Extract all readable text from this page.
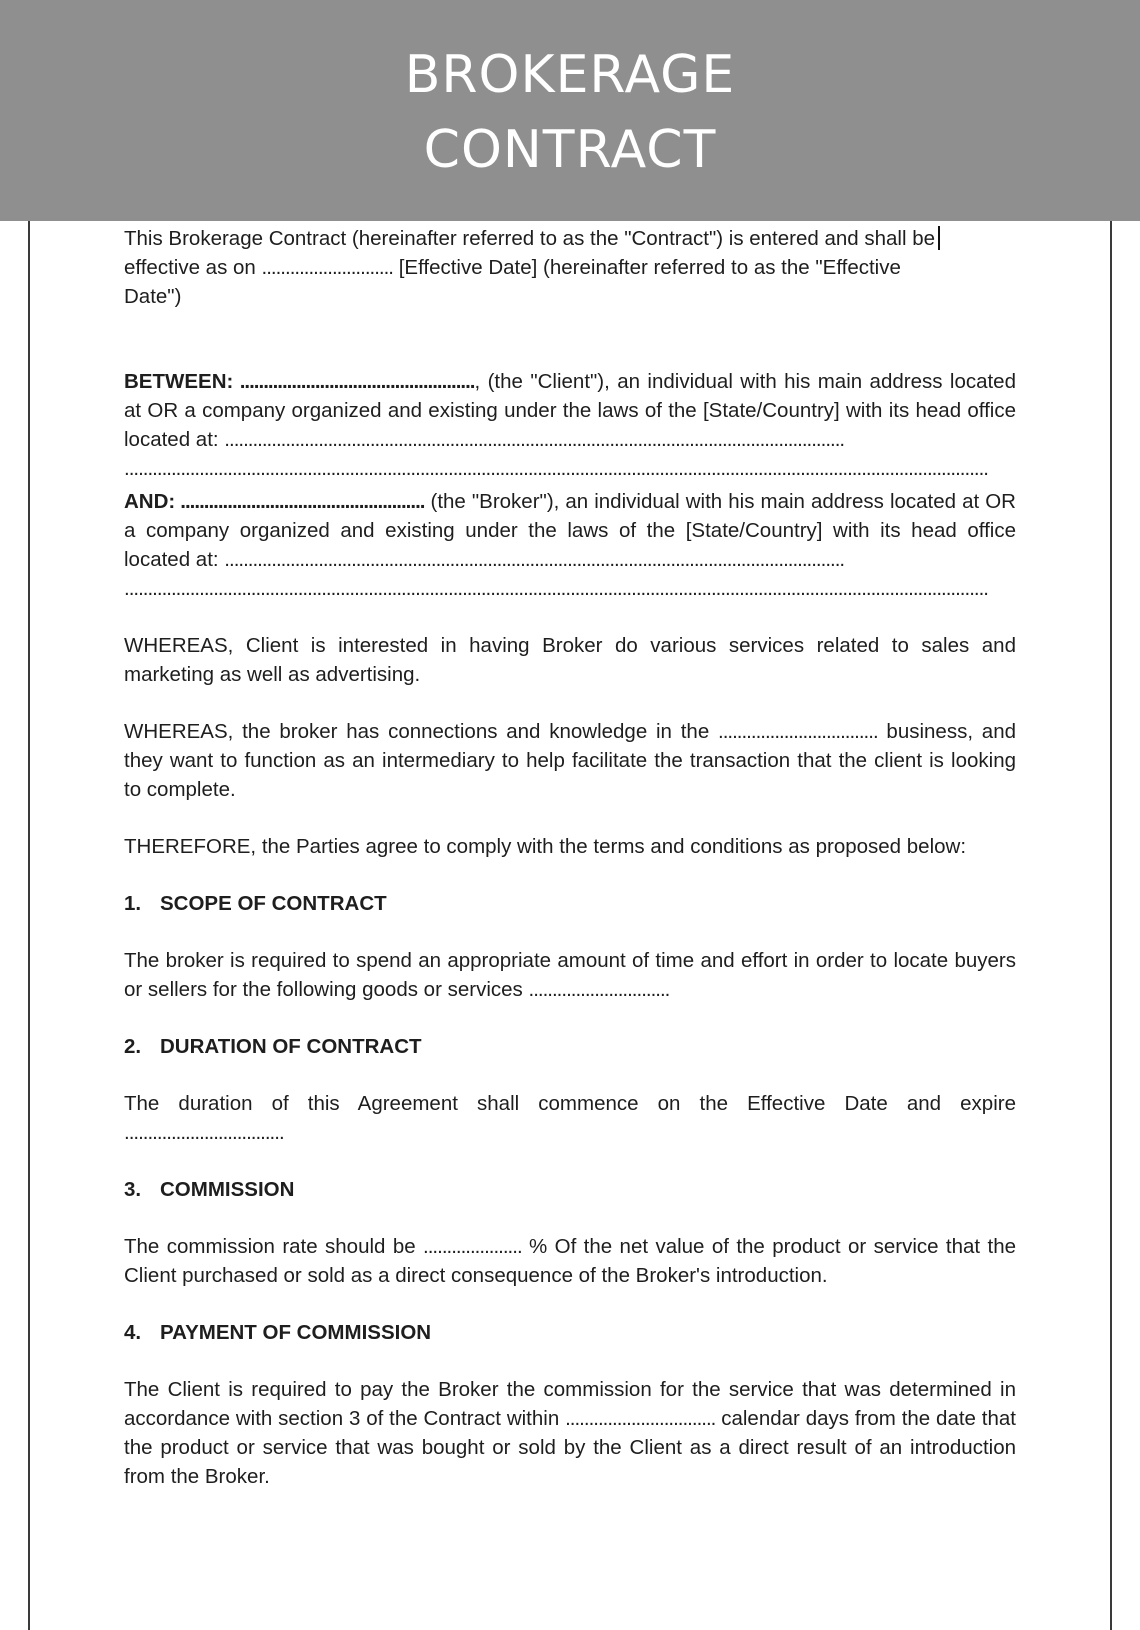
BROKERAGE
CONTRACT
This Brokerage Contract (hereinafter referred to as the "Contract") is entered and shall be
effective as on ............................ [Effective Date] (hereinafter referred to as the "Effective
Date")
BETWEEN: .................................................., (the "Client"), an individual with his main address located at OR a company organized and existing under the laws of the [State/Country] with its head office located at: ....................................................................................................................................
........................................................................................................................................................................................
AND: .................................................... (the "Broker"), an individual with his main address located at OR a company organized and existing under the laws of the [State/Country] with its head office located at: ....................................................................................................................................
........................................................................................................................................................................................
WHEREAS, Client is interested in having Broker do various services related to sales and marketing as well as advertising.
WHEREAS, the broker has connections and knowledge in the .................................. business, and they want to function as an intermediary to help facilitate the transaction that the client is looking to complete.
THEREFORE, the Parties agree to comply with the terms and conditions as proposed below:
1. SCOPE OF CONTRACT
The broker is required to spend an appropriate amount of time and effort in order to locate buyers or sellers for the following goods or services ..............................
2. DURATION OF CONTRACT
The duration of this Agreement shall commence on the Effective Date and expire ..................................
3. COMMISSION
The commission rate should be ..................... % Of the net value of the product or service that the Client purchased or sold as a direct consequence of the Broker's introduction.
4. PAYMENT OF COMMISSION
The Client is required to pay the Broker the commission for the service that was determined in accordance with section 3 of the Contract within ................................ calendar days from the date that the product or service that was bought or sold by the Client as a direct result of an introduction from the Broker.
